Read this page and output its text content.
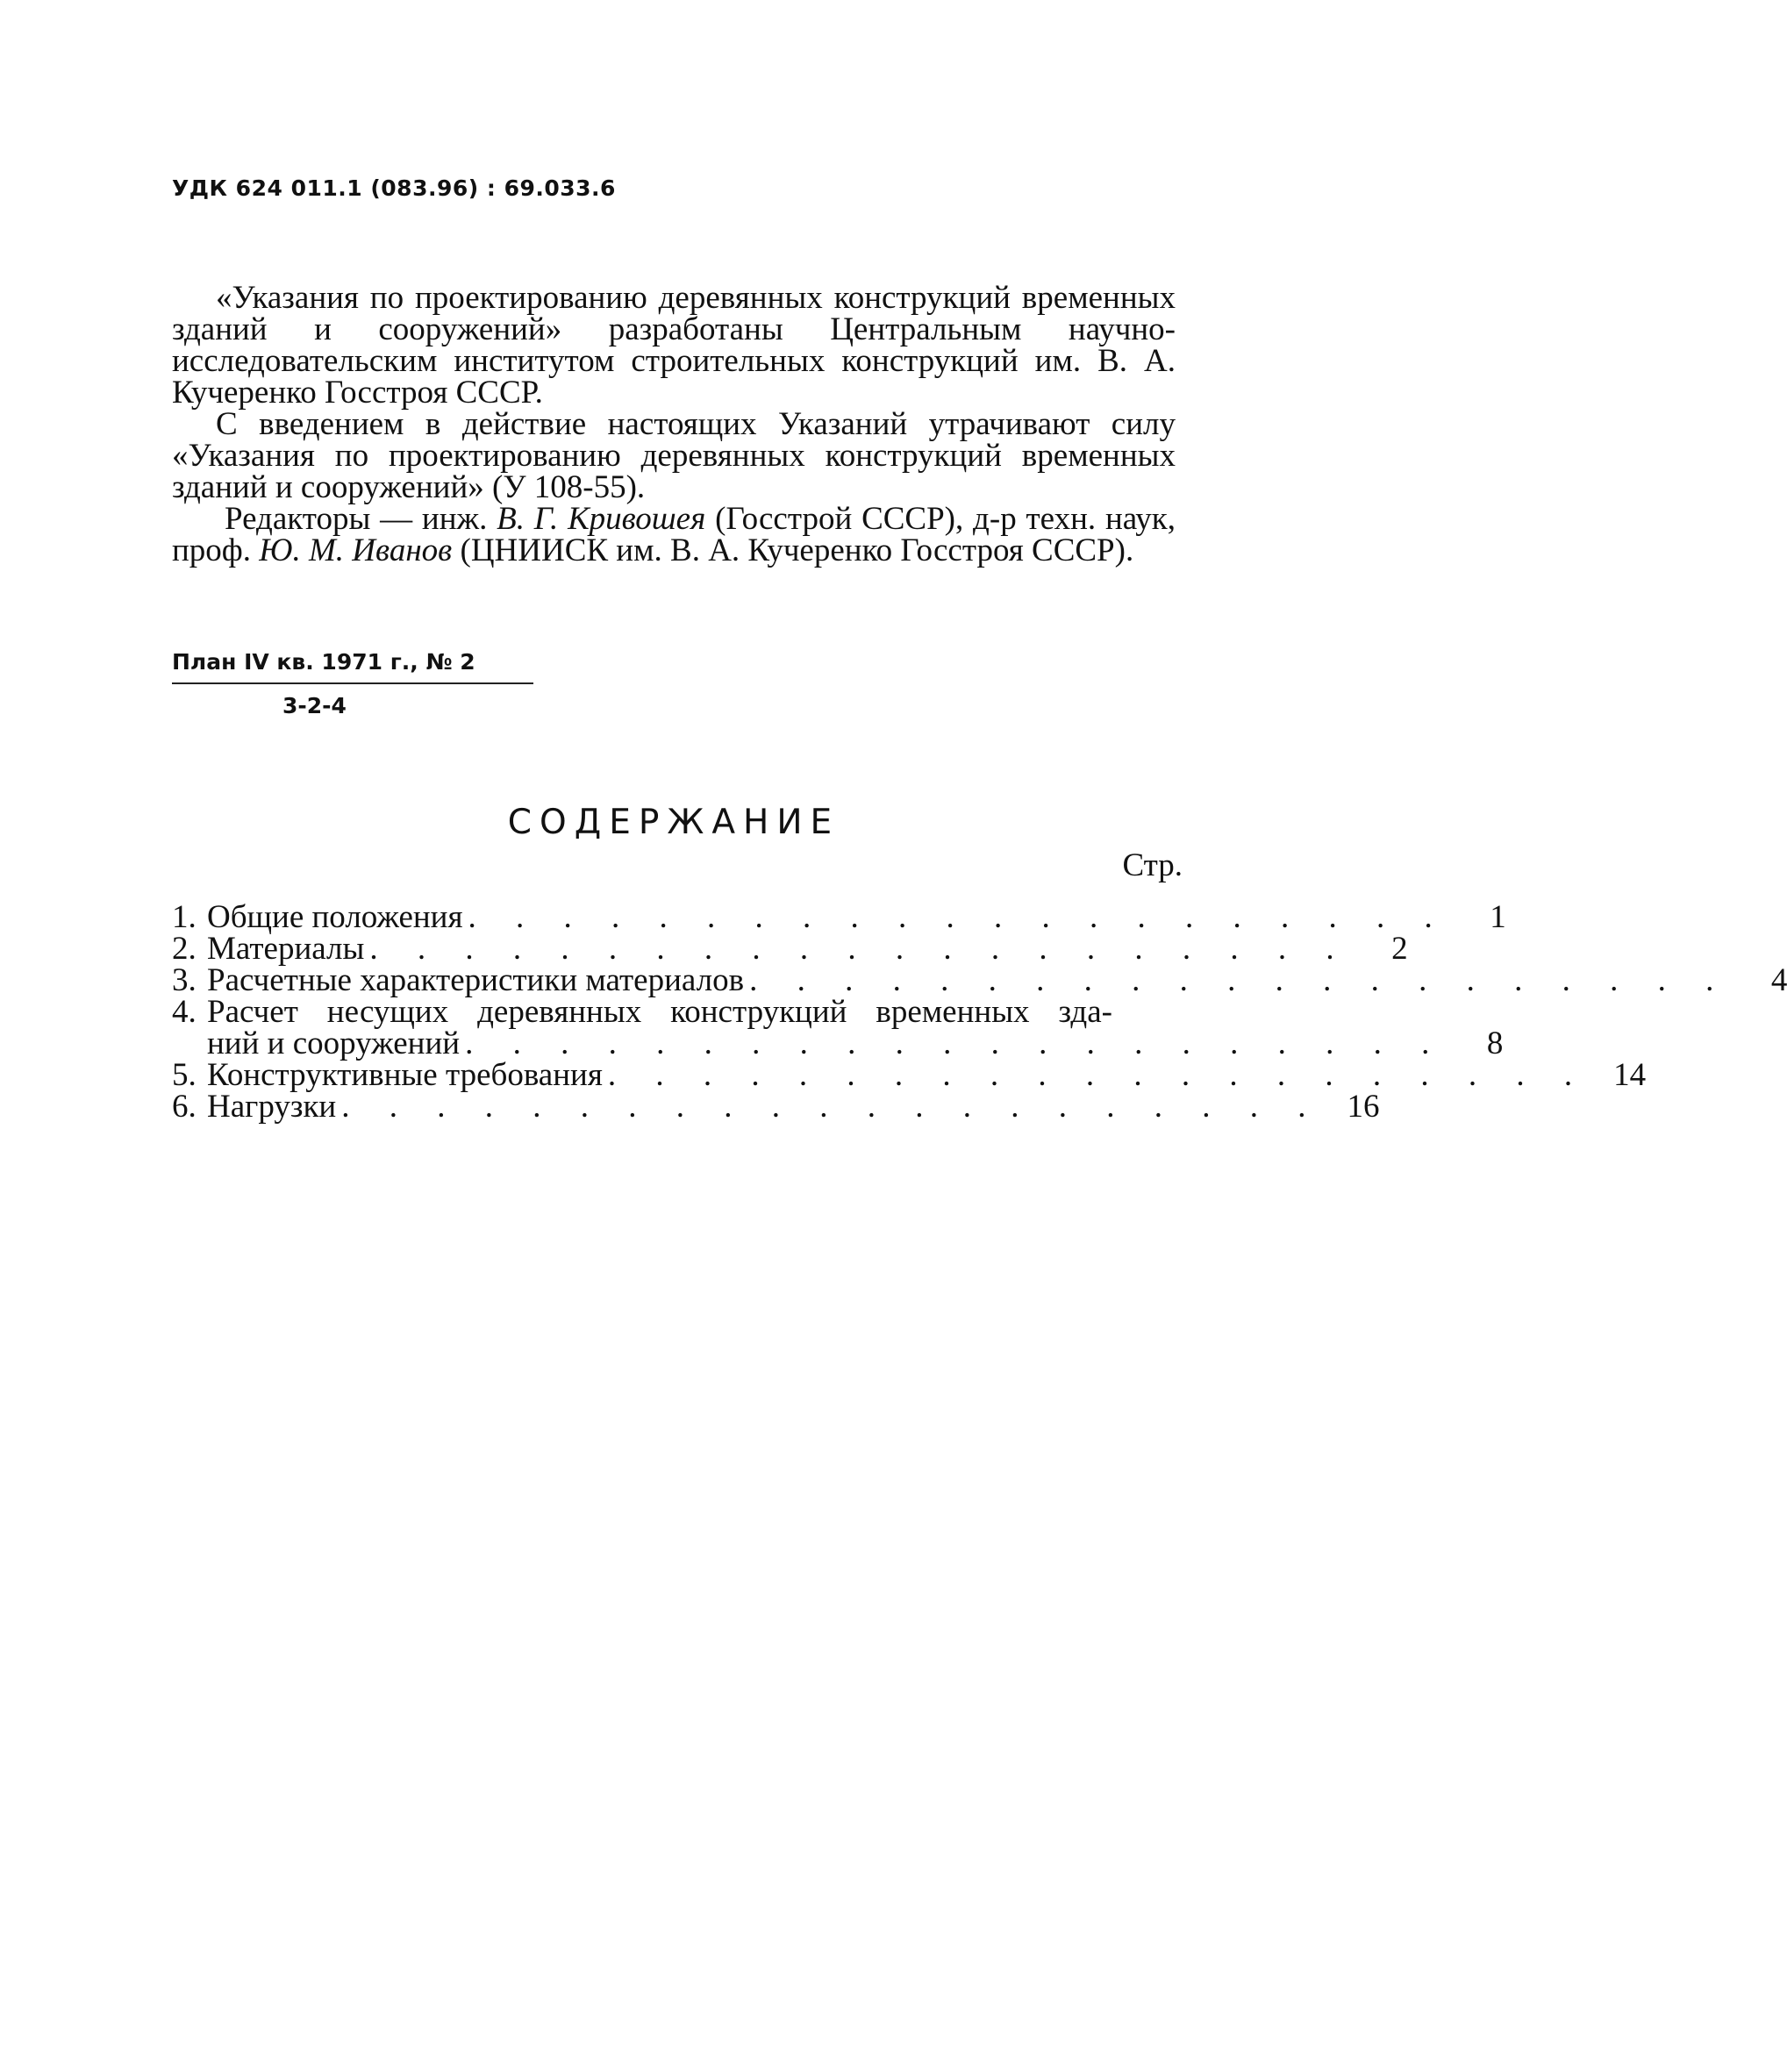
УДК 624 011.1 (083.96) : 69.033.6

«Указания по проектированию деревянных конструкций временных зданий и сооружений» разработаны Центральным научно-исследовательским институтом строительных конструкций им. В. А. Кучеренко Госстроя СССР.

С введением в действие настоящих Указаний утрачивают силу «Указания по проектированию деревянных конструкций временных зданий и сооружений» (У 108-55).

Редакторы — инж. В. Г. Кривошея (Госстрой СССР), д-р техн. наук, проф. Ю. М. Иванов (ЦНИИСК им. В. А. Кучеренко Госстроя СССР).

План IV кв. 1971 г., № 2
3-2-4
СОДЕРЖАНИЕ
Стр.
1. Общие положения . . . . . . . . . . . . . . . . . . . . .	1
2. Материалы . . . . . . . . . . . . . . . . . . . . .	2
3. Расчетные характеристики материалов . . . . . . . . . . . . . . . . . . . . .	4
4. Расчет несущих деревянных конструкций временных зда-
ний и сооружений . . . . . . . . . . . . . . . . . . . . .	8
5. Конструктивные требования . . . . . . . . . . . . . . . . . . . . . 14
6. Нагрузки . . . . . . . . . . . . . . . . . . . . . 16
